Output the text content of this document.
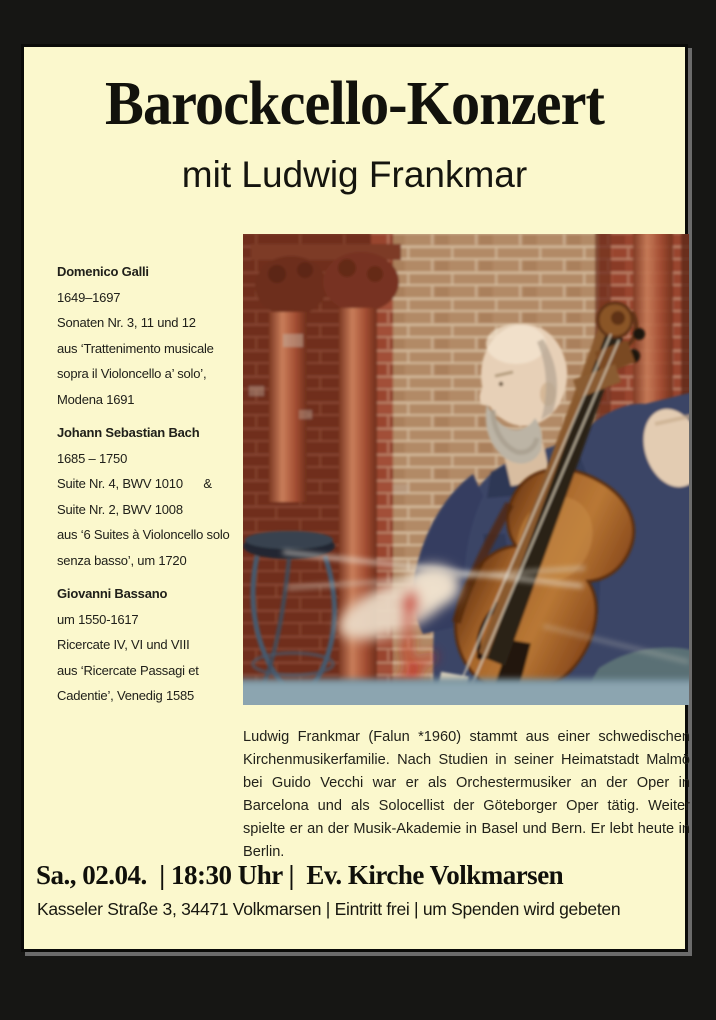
Barockcello-Konzert
mit Ludwig Frankmar
Domenico Galli
1649–1697
Sonaten Nr. 3, 11 und 12
aus ‘Trattenimento musicale
sopra il Violoncello a’ solo’,
Modena 1691
Johann Sebastian Bach
1685 – 1750
Suite Nr. 4, BWV 1010      &
Suite Nr. 2, BWV 1008
aus ‘6 Suites à Violoncello solo
senza basso’, um 1720
Giovanni Bassano
um 1550-1617
Ricercate IV, VI und VIII
aus ‘Ricercate Passagi et
Cadentie’, Venedig 1585
Ludwig Frankmar (Falun *1960) stammt aus einer schwedischen Kirchenmusikerfamilie. Nach Studien in seiner Heimatstadt Malmö bei Guido Vecchi war er als Orchestermusiker an der Oper in Barcelona und als Solocellist der Göteborger Oper tätig. Weiter spielte er an der Musik-Akademie in Basel und Bern. Er lebt heute in Berlin.
Sa., 02.04.  | 18:30 Uhr |  Ev. Kirche Volkmarsen
Kasseler Straße 3, 34471 Volkmarsen | Eintritt frei | um Spenden wird gebeten
